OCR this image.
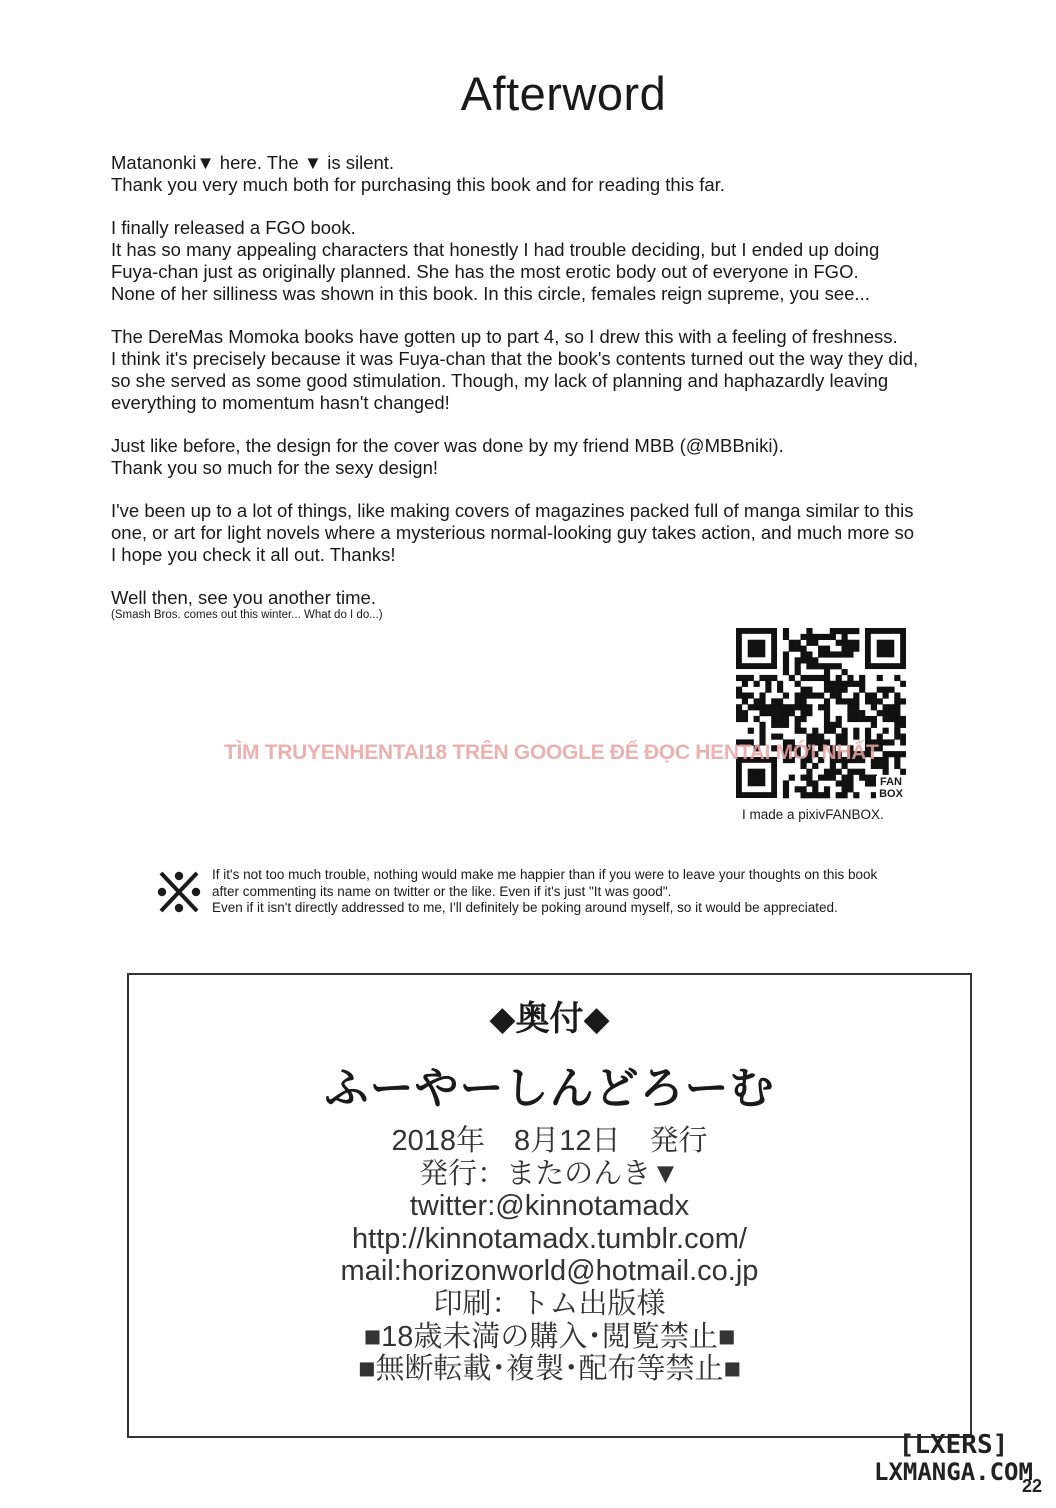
Afterword

Matanonki▼ here. The ▼ is silent.

Thank you very much both for purchasing this book and for reading this far.

I finally released a FGO book.

It has so many appealing characters that honestly I had trouble deciding, but I ended up doing

Fuya-chan just as originally planned. She has the most erotic body out of everyone in FGO.

None of her silliness was shown in this book. In this circle, females reign supreme, you see...

The DereMas Momoka books have gotten up to part 4, so I drew this with a feeling of freshness.

I think it's precisely because it was Fuya-chan that the book's contents turned out the way they did,

so she served as some good stimulation. Though, my lack of planning and haphazardly leaving

everything to momentum hasn't changed!

Just like before, the design for the cover was done by my friend MBB (@MBBniki).

Thank you so much for the sexy design!

I've been up to a lot of things, like making covers of magazines packed full of manga similar to this

one, or art for light novels where a mysterious normal-looking guy takes action, and much more so

I hope you check it all out. Thanks!

Well then, see you another time.

(Smash Bros. comes out this winter... What do I do...)
FAN
BOX
I made a pixivFANBOX.
TÌM TRUYENHENTAI18 TRÊN GOOGLE ĐỂ ĐỌC HENTAI MỚI NHẤT

If it's not too much trouble, nothing would make me happier than if you were to leave your thoughts on this book

after commenting its name on twitter or the like. Even if it's just "It was good".

Even if it isn't directly addressed to me, I'll definitely be poking around myself, so it would be appreciated.

◆奥付◆
ふーやーしんどろーむ

2018年　8月12日　発行

発行：またのんき▼

twitter:@kinnotamadx

http://kinnotamadx.tumblr.com/

mail:horizonworld@hotmail.co.jp

印刷：トム出版様

■18歳未満の購入･閲覧禁止■

■無断転載･複製･配布等禁止■

[LXERS]
LXMANGA.COM
22
